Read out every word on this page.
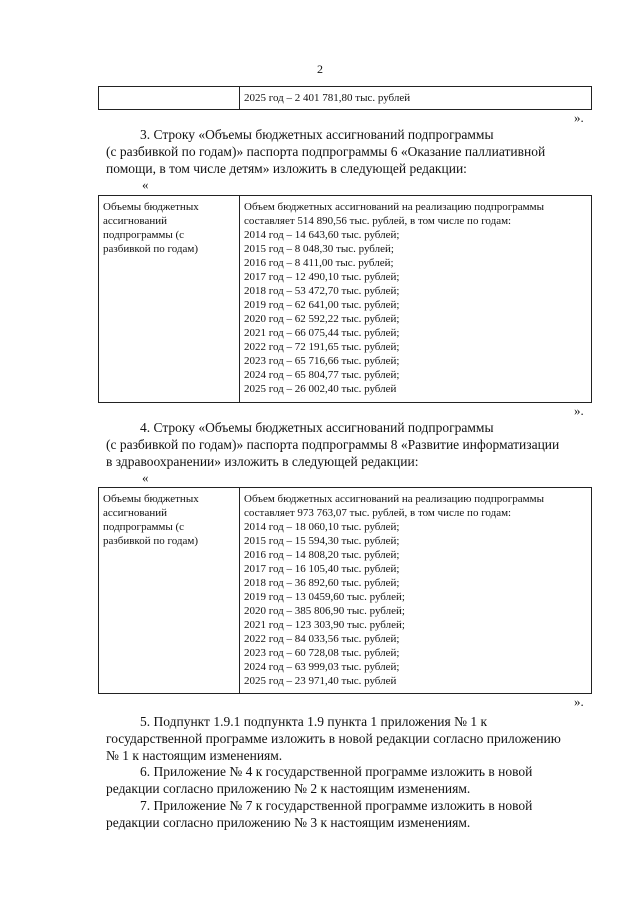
2
2025 год – 2 401 781,80 тыс. рублей
».
3. Строку «Объемы бюджетных ассигнований подпрограммы
(с разбивкой по годам)» паспорта подпрограммы 6 «Оказание паллиативной
помощи, в том числе детям» изложить в следующей редакции:
«
Объемы бюджетных
ассигнований
подпрограммы (с
разбивкой по годам)
Объем бюджетных ассигнований на реализацию подпрограммы
составляет 514 890,56 тыс. рублей, в том числе по годам:
2014 год – 14 643,60 тыс. рублей;
2015 год – 8 048,30 тыс. рублей;
2016 год – 8 411,00 тыс. рублей;
2017 год – 12 490,10 тыс. рублей;
2018 год – 53 472,70 тыс. рублей;
2019 год – 62 641,00 тыс. рублей;
2020 год – 62 592,22 тыс. рублей;
2021 год – 66 075,44 тыс. рублей;
2022 год – 72 191,65 тыс. рублей;
2023 год – 65 716,66 тыс. рублей;
2024 год – 65 804,77 тыс. рублей;
2025 год – 26 002,40 тыс. рублей
».
4. Строку «Объемы бюджетных ассигнований подпрограммы
(с разбивкой по годам)» паспорта подпрограммы 8 «Развитие информатизации
в здравоохранении» изложить в следующей редакции:
«
Объемы бюджетных
ассигнований
подпрограммы (с
разбивкой по годам)
Объем бюджетных ассигнований на реализацию подпрограммы
составляет 973 763,07 тыс. рублей, в том числе по годам:
2014 год – 18 060,10 тыс. рублей;
2015 год – 15 594,30 тыс. рублей;
2016 год – 14 808,20 тыс. рублей;
2017 год – 16 105,40 тыс. рублей;
2018 год – 36 892,60 тыс. рублей;
2019 год – 13 0459,60 тыс. рублей;
2020 год – 385 806,90 тыс. рублей;
2021 год – 123 303,90 тыс. рублей;
2022 год – 84 033,56 тыс. рублей;
2023 год – 60 728,08 тыс. рублей;
2024 год – 63 999,03 тыс. рублей;
2025 год – 23 971,40 тыс. рублей
».
5. Подпункт 1.9.1 подпункта 1.9 пункта 1 приложения № 1 к
государственной программе изложить в новой редакции согласно приложению
№ 1 к настоящим изменениям.
6. Приложение № 4 к государственной программе изложить в новой
редакции согласно приложению № 2 к настоящим изменениям.
7. Приложение № 7 к государственной программе изложить в новой
редакции согласно приложению № 3 к настоящим изменениям.
